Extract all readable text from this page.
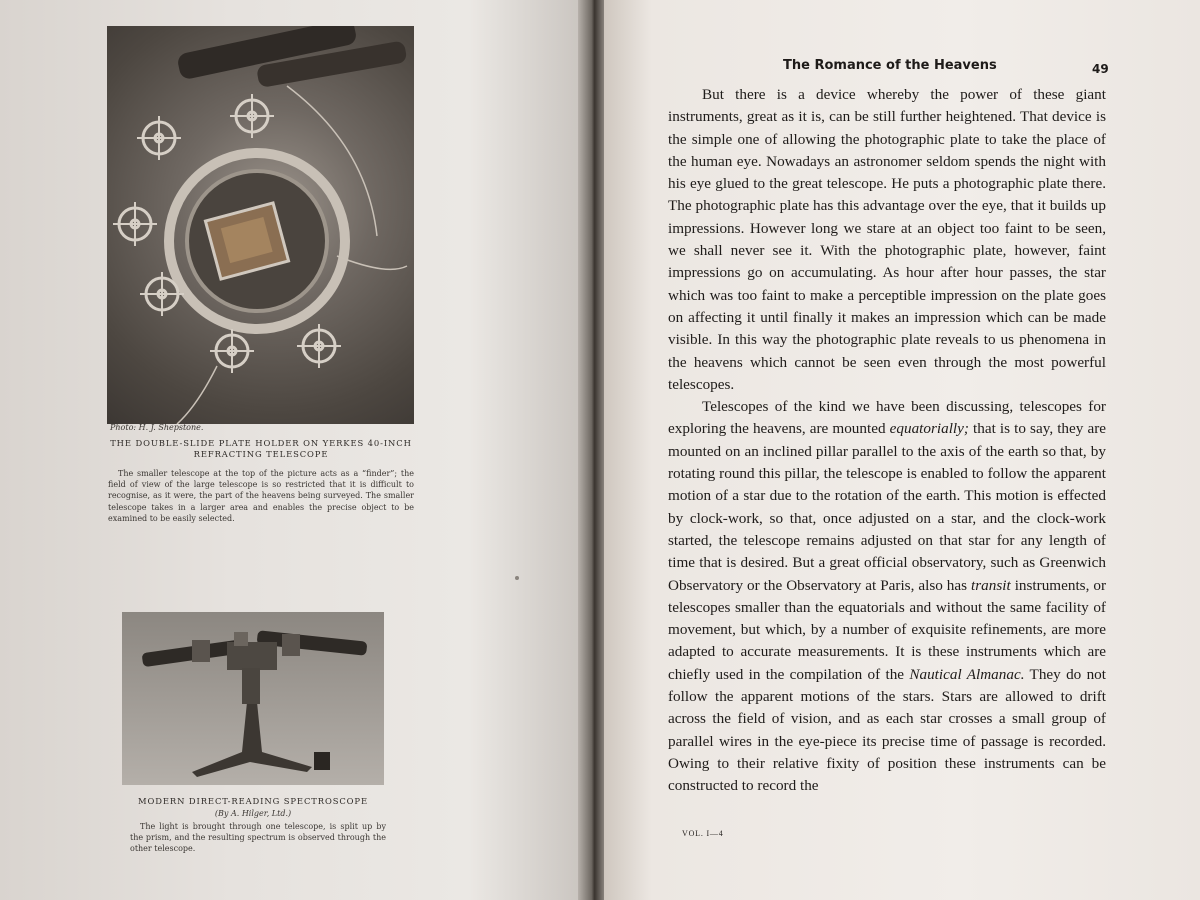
Photo: H. J. Shepstone.
THE DOUBLE-SLIDE PLATE HOLDER ON YERKES 40-INCH
REFRACTING TELESCOPE
The smaller telescope at the top of the picture acts as a “finder”; the field of view of the large telescope is so restricted that it is difficult to recognise, as it were, the part of the heavens being surveyed. The smaller telescope takes in a larger area and enables the precise object to be examined to be easily selected.
MODERN DIRECT-READING SPECTROSCOPE
(By A. Hilger, Ltd.)
The light is brought through one telescope, is split up by the prism, and the resulting spectrum is observed through the other telescope.
The Romance of the Heavens	49

But there is a device whereby the power of these giant instruments, great as it is, can be still further heightened. That device is the simple one of allowing the photographic plate to take the place of the human eye. Nowadays an astronomer seldom spends the night with his eye glued to the great telescope. He puts a photographic plate there. The photographic plate has this advantage over the eye, that it builds up impressions. However long we stare at an object too faint to be seen, we shall never see it. With the photographic plate, however, faint impressions go on accumulating. As hour after hour passes, the star which was too faint to make a perceptible impression on the plate goes on affecting it until finally it makes an impression which can be made visible. In this way the photographic plate reveals to us phenomena in the heavens which cannot be seen even through the most powerful telescopes.

Telescopes of the kind we have been discussing, telescopes for exploring the heavens, are mounted equatorially; that is to say, they are mounted on an inclined pillar parallel to the axis of the earth so that, by rotating round this pillar, the telescope is enabled to follow the apparent motion of a star due to the rotation of the earth. This motion is effected by clock-work, so that, once adjusted on a star, and the clock-work started, the telescope remains adjusted on that star for any length of time that is desired. But a great official observatory, such as Greenwich Observatory or the Observatory at Paris, also has transit instruments, or telescopes smaller than the equatorials and without the same facility of movement, but which, by a number of exquisite refinements, are more adapted to accurate measurements. It is these instruments which are chiefly used in the compilation of the Nautical Almanac. They do not follow the apparent motions of the stars. Stars are allowed to drift across the field of vision, and as each star crosses a small group of parallel wires in the eye-piece its precise time of passage is recorded. Owing to their relative fixity of position these instruments can be constructed to record the

VOL. I—4
